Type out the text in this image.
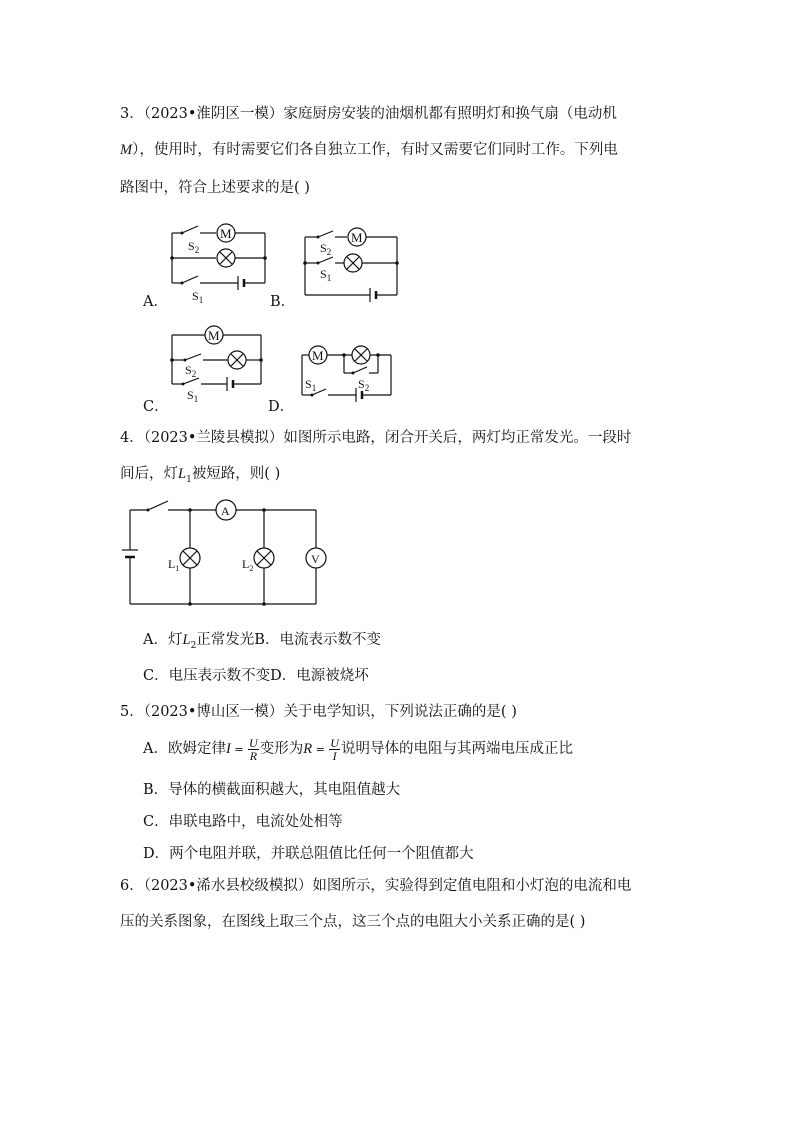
3．（2023•淮阴区一模）家庭厨房安装的油烟机都有照明灯和换气扇（电动机
M），使用时，有时需要它们各自独立工作，有时又需要它们同时工作。下列电
路图中，符合上述要求的是( )
M
$S_2$
$S_1$
A．
M
$S_2$
$S_1$
B．
M
$S_2$
$S_1$
C．
M
$S_1$	$S_2$
D．
4．（2023•兰陵县模拟）如图所示电路，闭合开关后，两灯均正常发光。一段时
间后，灯$L_1$被短路，则( )
A
V
$L_1$	$L_2$
A．灯$L_2$正常发光B．电流表示数不变
C．电压表示数不变D．电源被烧坏
5．（2023•博山区一模）关于电学知识，下列说法正确的是( )
A．欧姆定律$I = \frac{U}{R}$ 变形为$R = \frac{U}{I}$ 说明导体的电阻与其两端电压成正比
B．导体的横截面积越大，其电阻值越大
C．串联电路中，电流处处相等
D．两个电阻并联，并联总阻值比任何一个阻值都大
6．（2023•浠水县校级模拟）如图所示，实验得到定值电阻和小灯泡的电流和电
压的关系图象，在图线上取三个点，这三个点的电阻大小关系正确的是( )
